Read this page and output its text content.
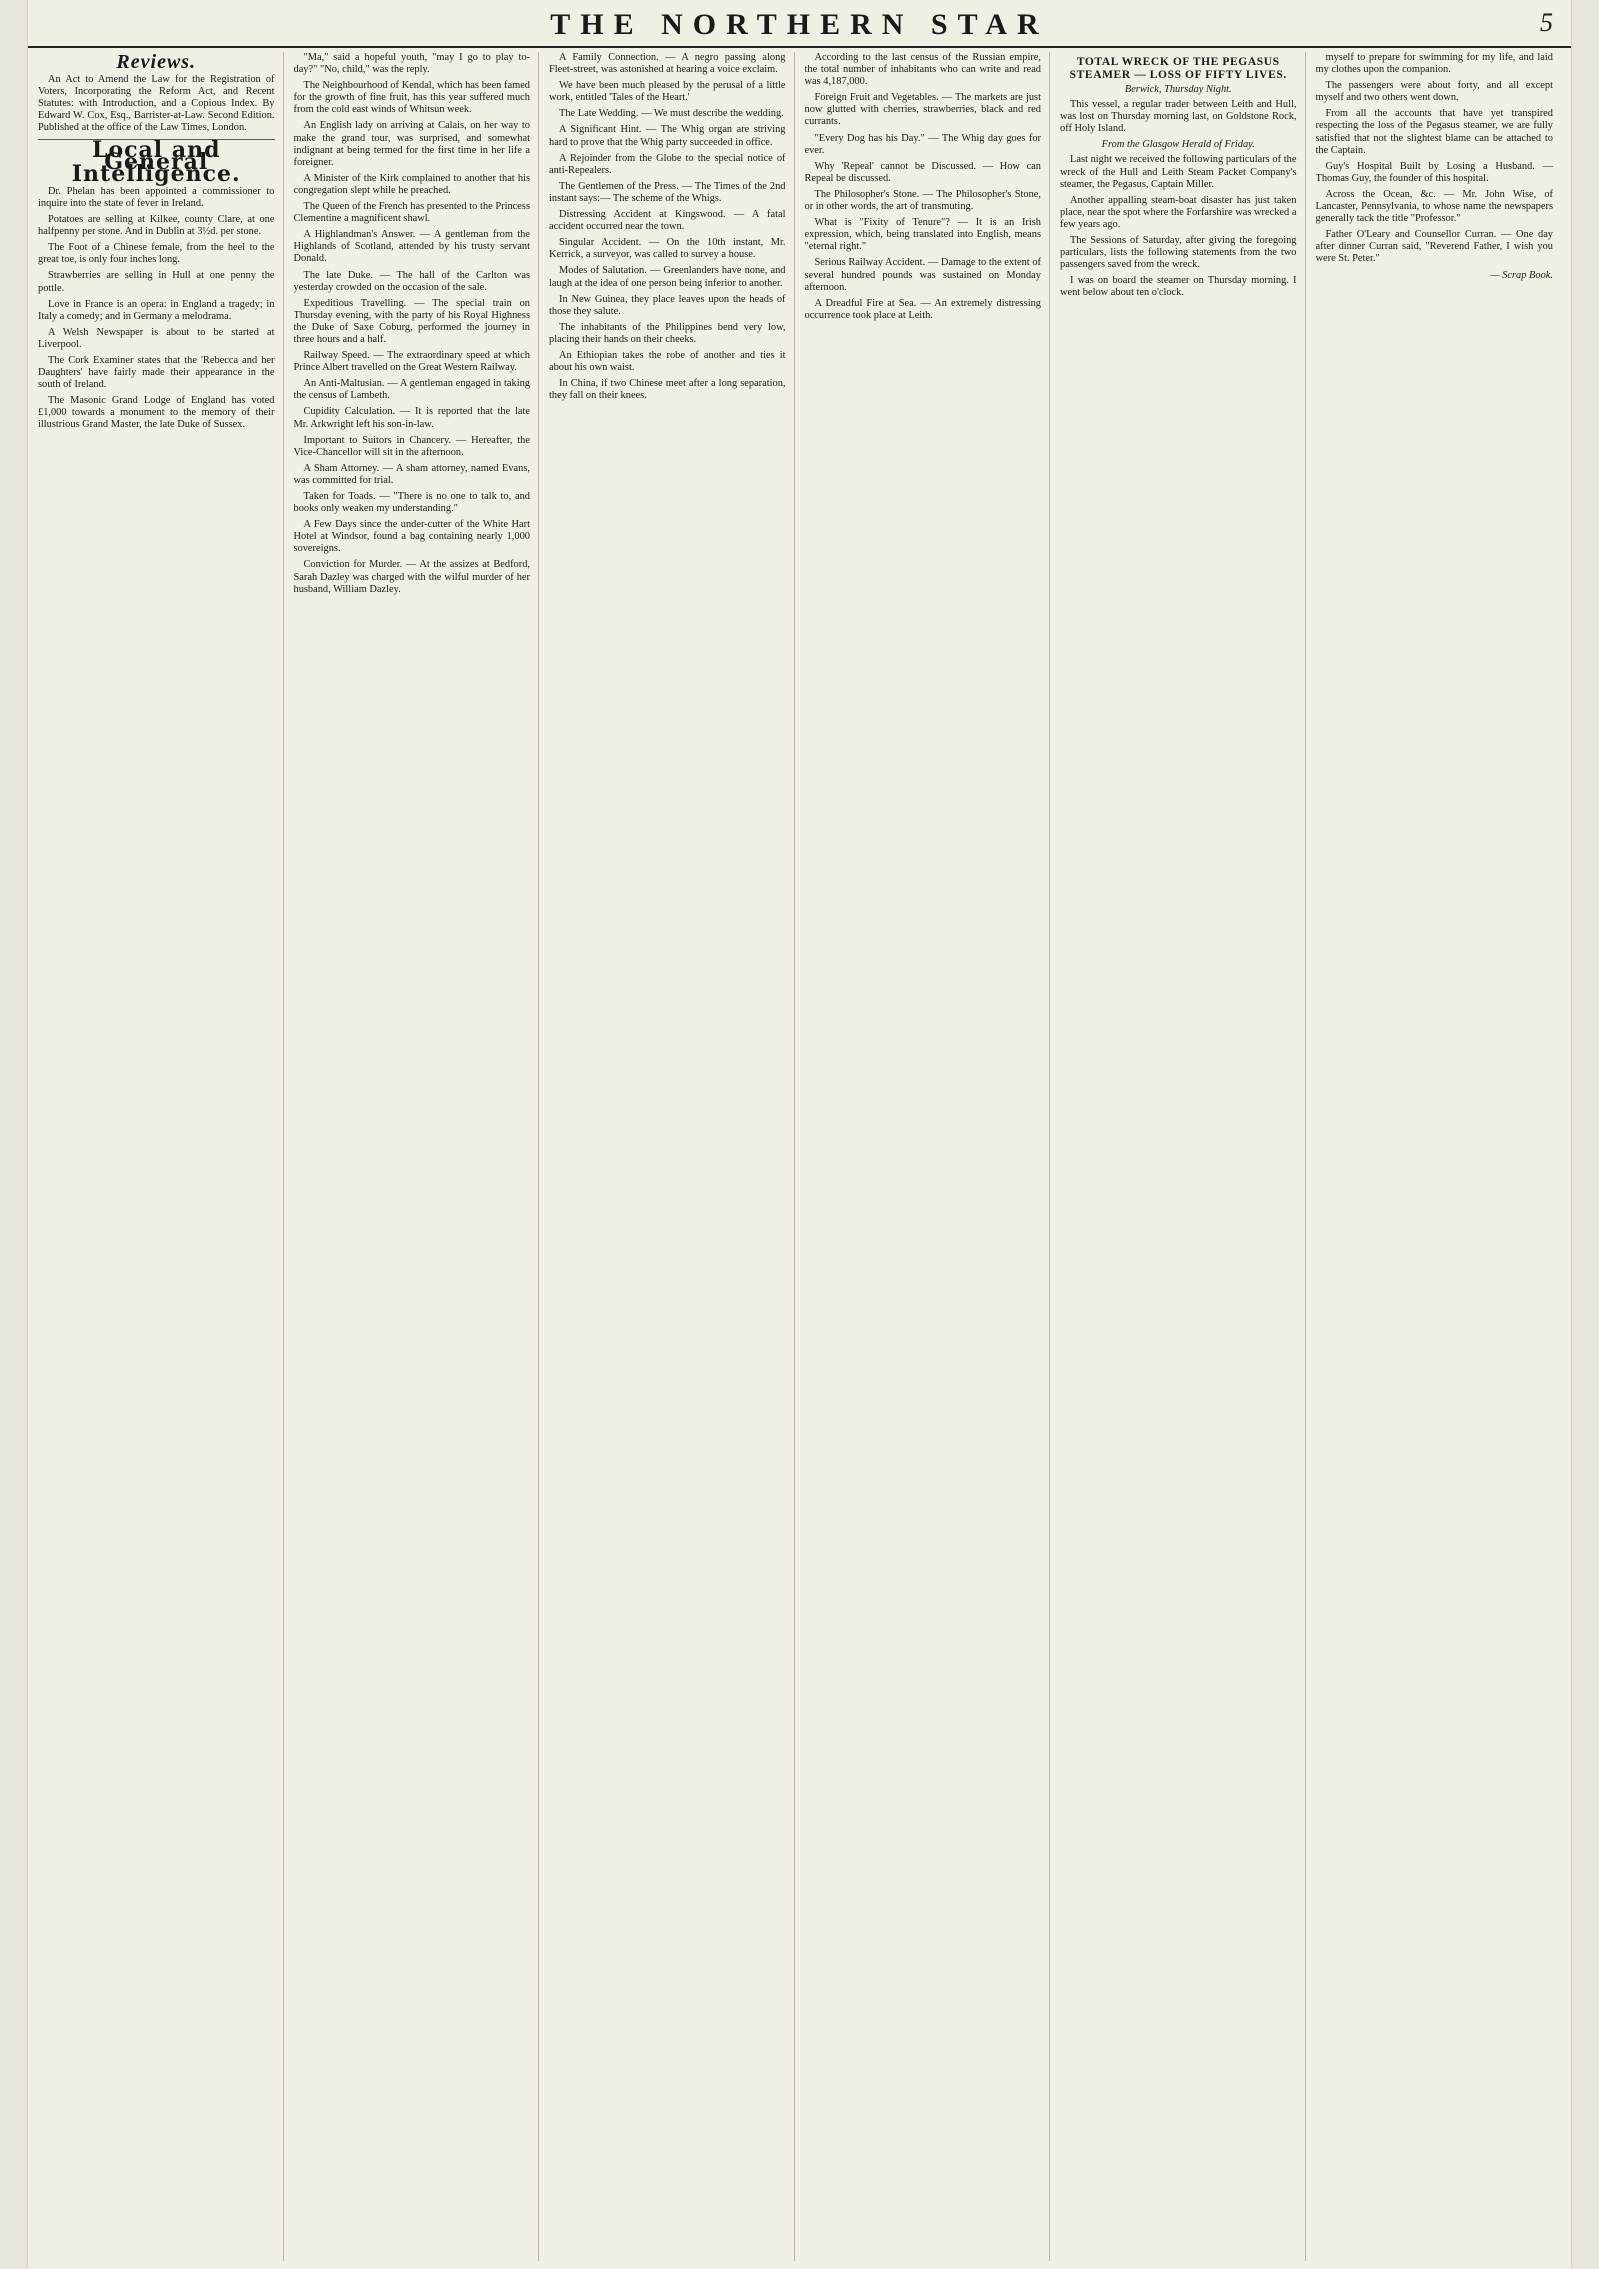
THE NORTHERN STAR	5
Reviews.

An Act to Amend the Law for the Registration of Voters, Incorporating the Reform Act, and Recent Statutes: with Introduction, and a Copious Index. By Edward W. Cox, Esq., Barrister-at-Law. Second Edition. Published at the office of the Law Times, London.

Local and General Intelligence.

Dr. Phelan has been appointed a commissioner to inquire into the state of fever in Ireland.

Potatoes are selling at Kilkee, county Clare, at one halfpenny per stone. And in Dublin at 3½d. per stone.

The Foot of a Chinese female, from the heel to the great toe, is only four inches long.

Strawberries are selling in Hull at one penny the pottle.

Love in France is an opera: in England a tragedy; in Italy a comedy; and in Germany a melodrama.

A Welsh Newspaper is about to be started at Liverpool.

The Cork Examiner states that the 'Rebecca and her Daughters' have fairly made their appearance in the south of Ireland.

The Masonic Grand Lodge of England has voted £1,000 towards a monument to the memory of their illustrious Grand Master, the late Duke of Sussex.

"Ma," said a hopeful youth, "may I go to play to-day?" "No, child," was the reply.

The Neighbourhood of Kendal, which has been famed for the growth of fine fruit, has this year suffered much from the cold east winds of Whitsun week.

An English lady on arriving at Calais, on her way to make the grand tour, was surprised, and somewhat indignant at being termed for the first time in her life a foreigner.

A Minister of the Kirk complained to another that his congregation slept while he preached.

The Queen of the French has presented to the Princess Clementine a magnificent shawl.

A Highlandman's Answer. — A gentleman from the Highlands of Scotland, attended by his trusty servant Donald.

The late Duke. — The hall of the Carlton was yesterday crowded on the occasion of the sale.

Expeditious Travelling. — The special train on Thursday evening, with the party of his Royal Highness the Duke of Saxe Coburg, performed the journey in three hours and a half.

Railway Speed. — The extraordinary speed at which Prince Albert travelled on the Great Western Railway.

An Anti-Maltusian. — A gentleman engaged in taking the census of Lambeth.

Cupidity Calculation. — It is reported that the late Mr. Arkwright left his son-in-law.

Important to Suitors in Chancery. — Hereafter, the Vice-Chancellor will sit in the afternoon.

A Sham Attorney. — A sham attorney, named Evans, was committed for trial.

Taken for Toads. — "There is no one to talk to, and books only weaken my understanding."

A Few Days since the under-cutter of the White Hart Hotel at Windsor, found a bag containing nearly 1,000 sovereigns.

Conviction for Murder. — At the assizes at Bedford, Sarah Dazley was charged with the wilful murder of her husband, William Dazley.

A Family Connection. — A negro passing along Fleet-street, was astonished at hearing a voice exclaim.

We have been much pleased by the perusal of a little work, entitled 'Tales of the Heart.'

The Late Wedding. — We must describe the wedding.

A Significant Hint. — The Whig organ are striving hard to prove that the Whig party succeeded in office.

A Rejoinder from the Globe to the special notice of anti-Repealers.

The Gentlemen of the Press. — The Times of the 2nd instant says:— The scheme of the Whigs.

Distressing Accident at Kingswood. — A fatal accident occurred near the town.

Singular Accident. — On the 10th instant, Mr. Kerrick, a surveyor, was called to survey a house.

Modes of Salutation. — Greenlanders have none, and laugh at the idea of one person being inferior to another.

In New Guinea, they place leaves upon the heads of those they salute.

The inhabitants of the Philippines bend very low, placing their hands on their cheeks.

An Ethiopian takes the robe of another and ties it about his own waist.

In China, if two Chinese meet after a long separation, they fall on their knees.

According to the last census of the Russian empire, the total number of inhabitants who can write and read was 4,187,000.

Foreign Fruit and Vegetables. — The markets are just now glutted with cherries, strawberries, black and red currants.

"Every Dog has his Day." — The Whig day goes for ever.

Why 'Repeal' cannot be Discussed. — How can Repeal be discussed.

The Philosopher's Stone. — The Philosopher's Stone, or in other words, the art of transmuting.

What is "Fixity of Tenure"? — It is an Irish expression, which, being translated into English, means "eternal right."

Serious Railway Accident. — Damage to the extent of several hundred pounds was sustained on Monday afternoon.

A Dreadful Fire at Sea. — An extremely distressing occurrence took place at Leith.

TOTAL WRECK OF THE PEGASUS STEAMER — LOSS OF FIFTY LIVES.
Berwick, Thursday Night.

This vessel, a regular trader between Leith and Hull, was lost on Thursday morning last, on Goldstone Rock, off Holy Island.

From the Glasgow Herald of Friday.

Last night we received the following particulars of the wreck of the Hull and Leith Steam Packet Company's steamer, the Pegasus, Captain Miller.

Another appalling steam-boat disaster has just taken place, near the spot where the Forfarshire was wrecked a few years ago.

The Sessions of Saturday, after giving the foregoing particulars, lists the following statements from the two passengers saved from the wreck.

I was on board the steamer on Thursday morning. I went below about ten o'clock.

myself to prepare for swimming for my life, and laid my clothes upon the companion.

The passengers were about forty, and all except myself and two others went down.

From all the accounts that have yet transpired respecting the loss of the Pegasus steamer, we are fully satisfied that not the slightest blame can be attached to the Captain.

Guy's Hospital Built by Losing a Husband. — Thomas Guy, the founder of this hospital.

Across the Ocean, &c. — Mr. John Wise, of Lancaster, Pennsylvania, to whose name the newspapers generally tack the title "Professor."

Father O'Leary and Counsellor Curran. — One day after dinner Curran said, "Reverend Father, I wish you were St. Peter."

— Scrap Book.
